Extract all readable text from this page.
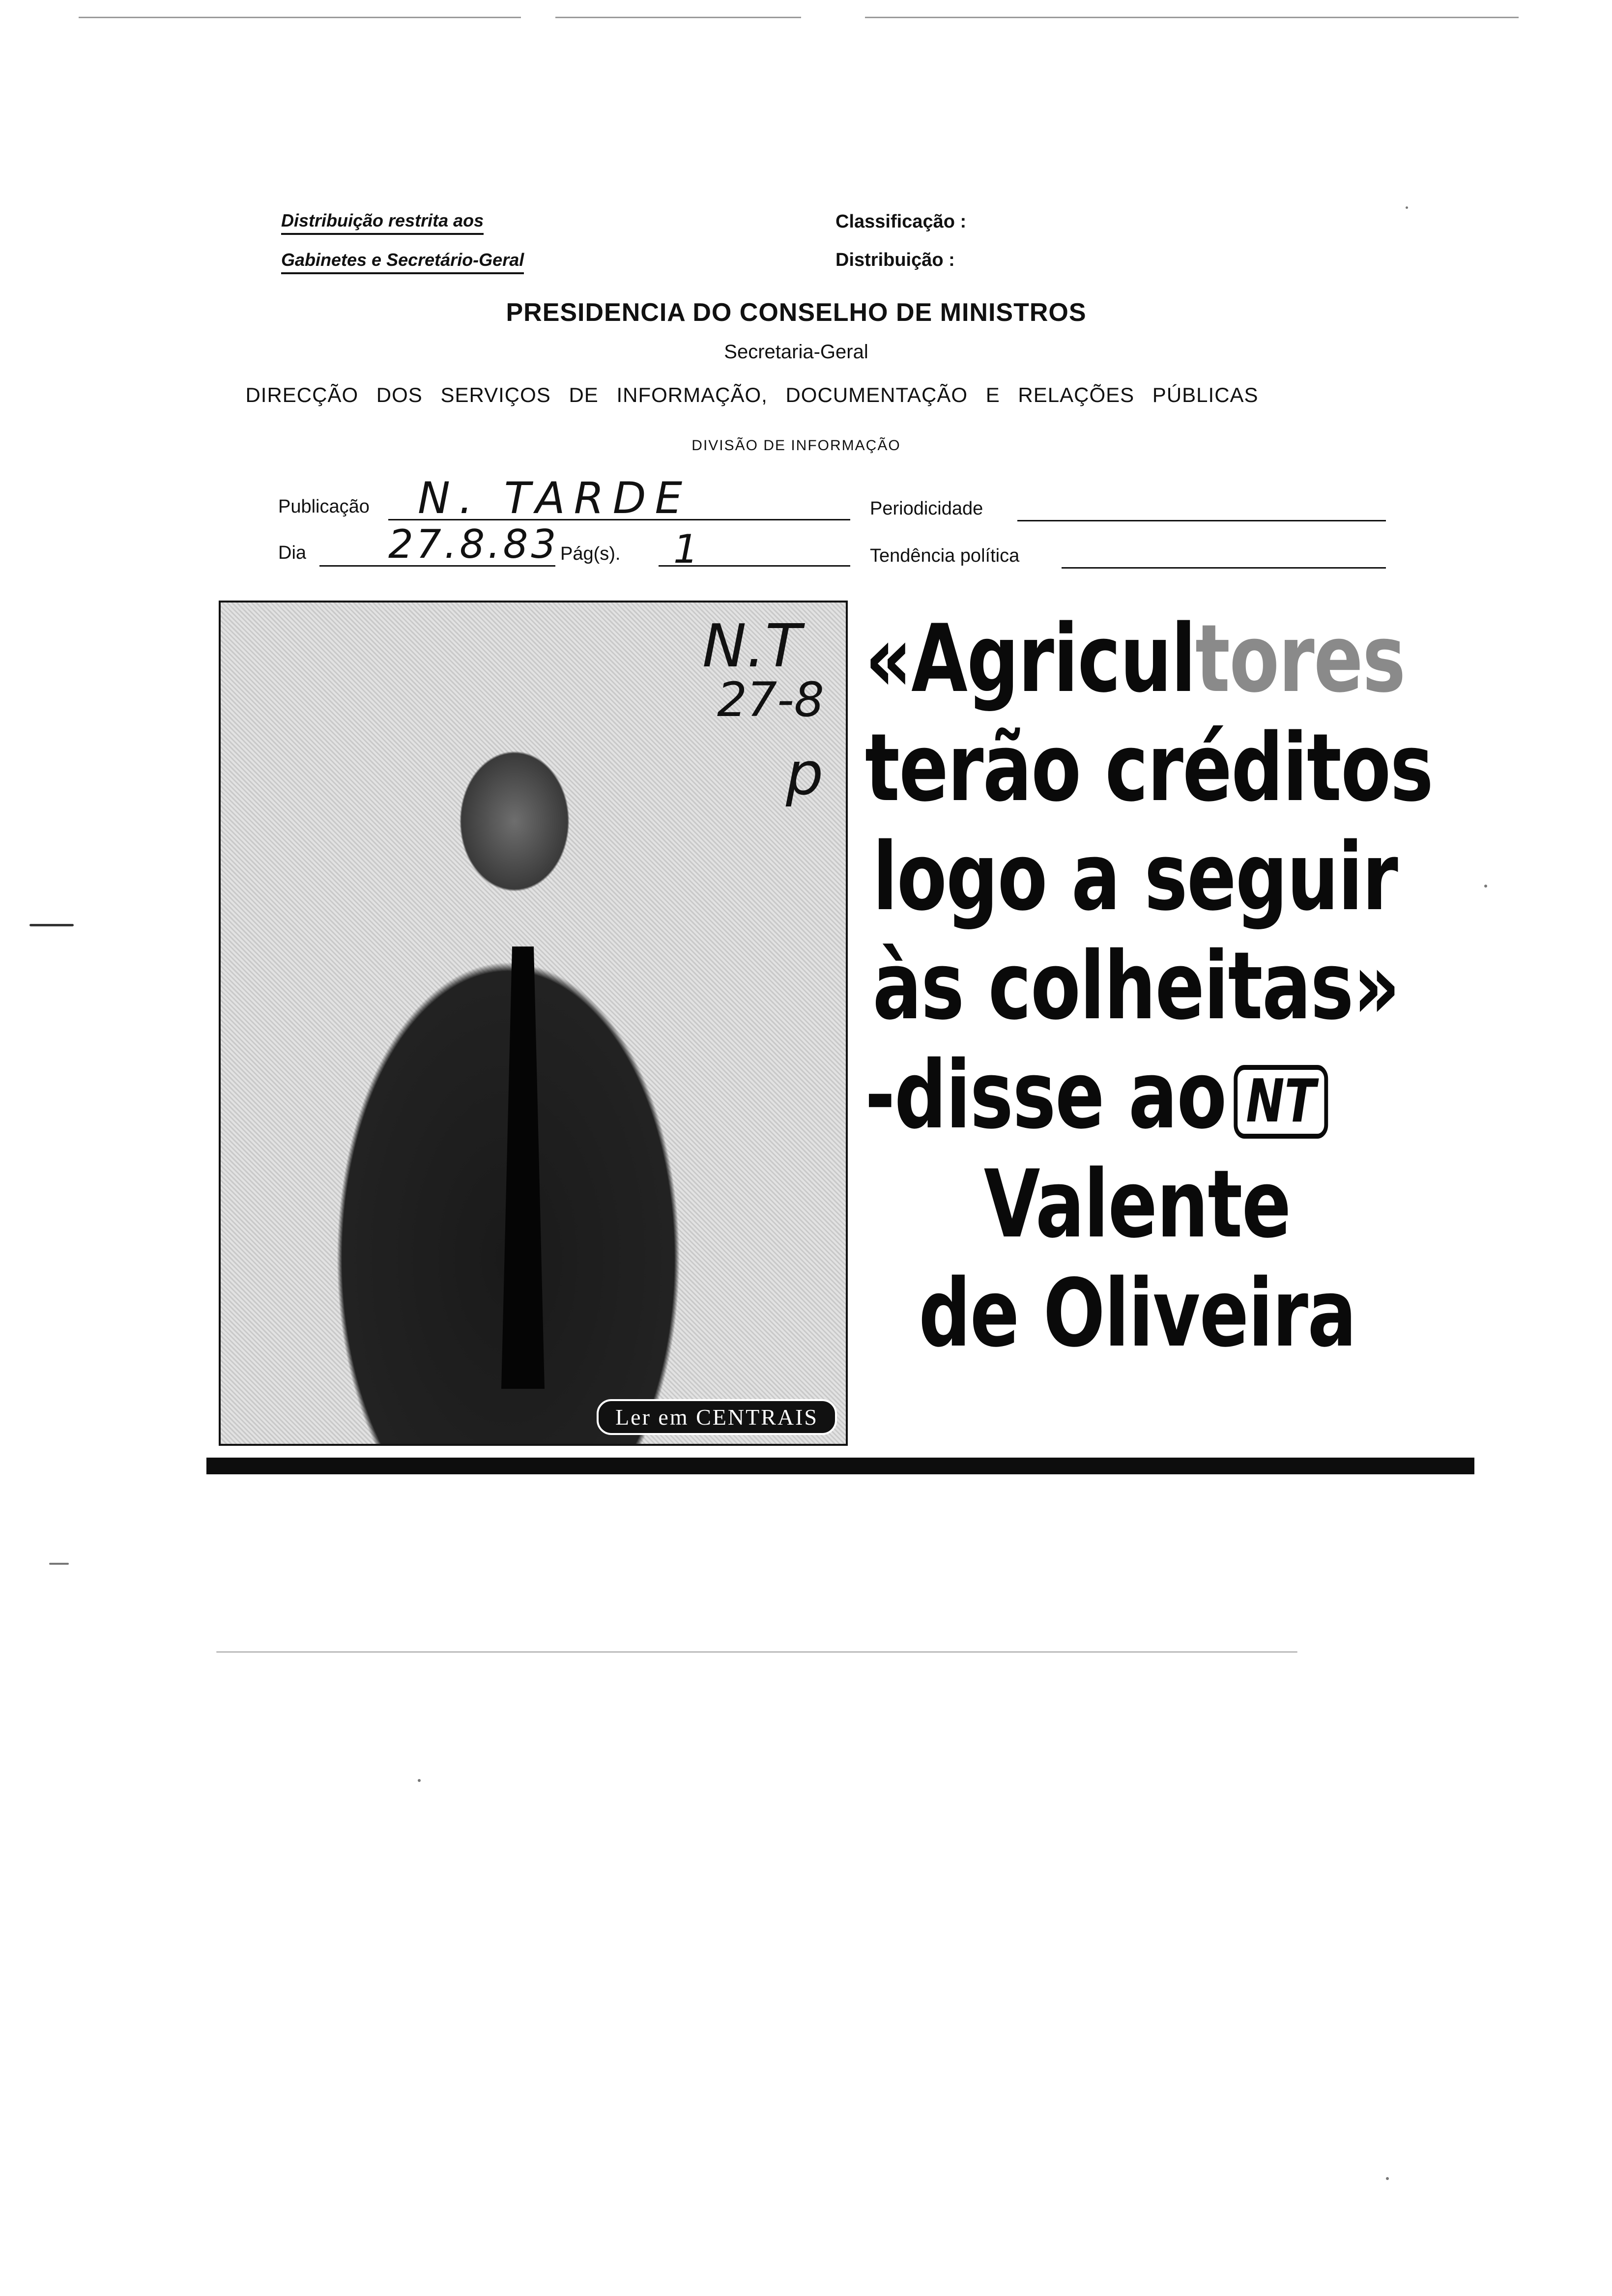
Distribuição restrita aos
Gabinetes e Secretário-Geral
Classificação :
Distribuição :
PRESIDENCIA DO CONSELHO DE MINISTROS
Secretaria-Geral
DIRECÇÃO DOS SERVIÇOS DE INFORMAÇÃO, DOCUMENTAÇÃO E RELAÇÕES PÚBLICAS
DIVISÃO DE INFORMAÇÃO
Publicação N. TARDE	Periodicidade
Dia 27.8.83 Pág(s). 1	Tendência política
N.T
27-8
p
Ler em CENTRAIS
«Agricultores
terão créditos
logo a seguir
às colheitas»
-disse ao NT
Valente
de Oliveira
